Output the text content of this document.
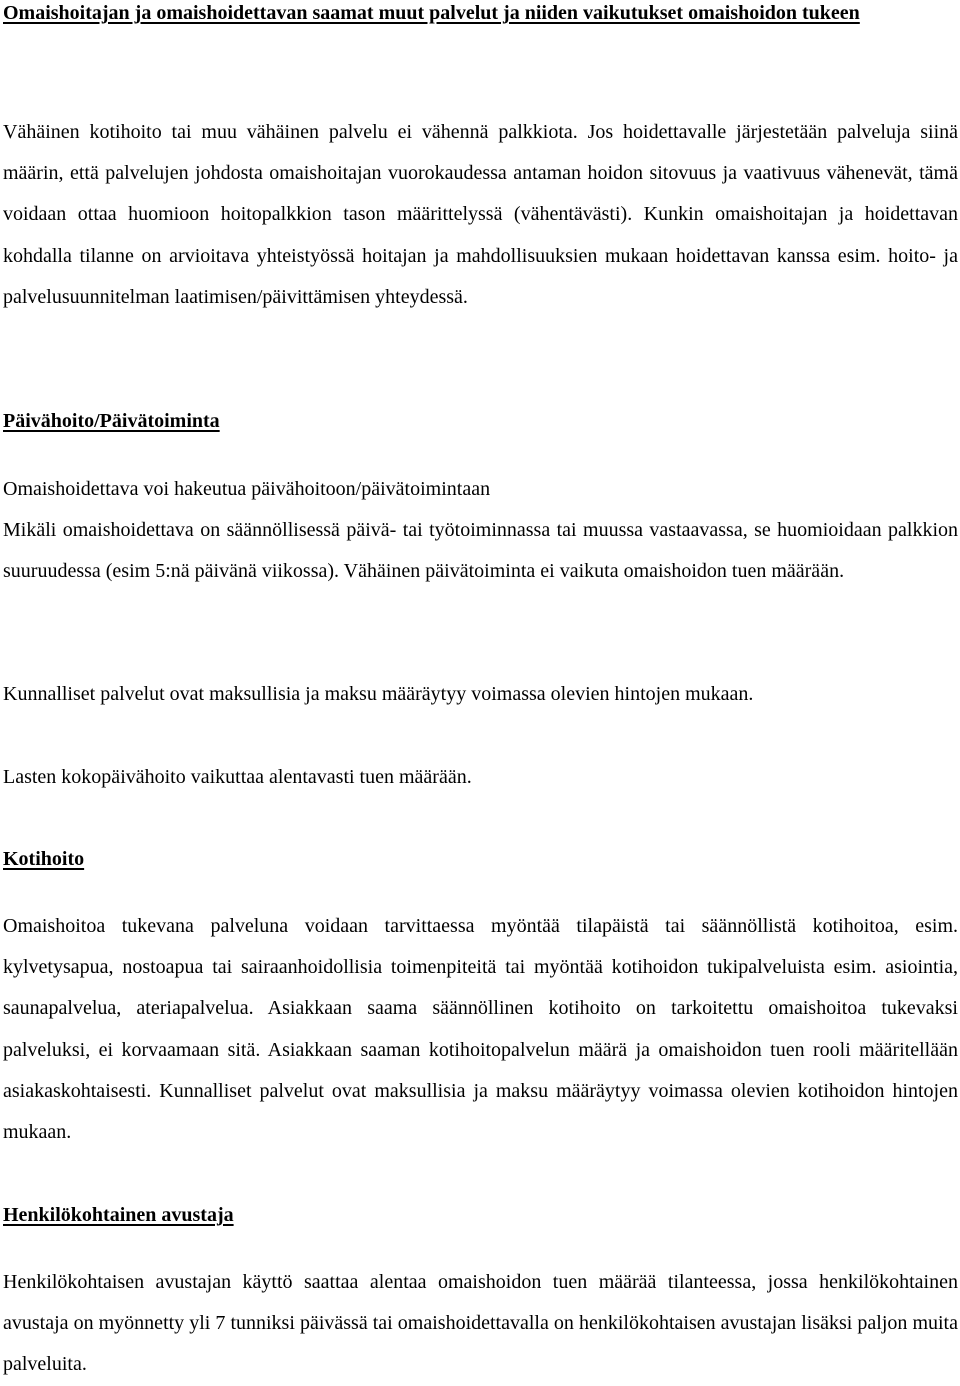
Omaishoitajan ja omaishoidettavan saamat muut palvelut ja niiden vaikutukset omaishoidon tukeen

Vähäinen kotihoito tai muu vähäinen palvelu ei vähennä palkkiota. Jos hoidettavalle järjestetään palveluja siinä määrin, että palvelujen johdosta omaishoitajan vuorokaudessa antaman hoidon sitovuus ja vaativuus vähenevät, tämä voidaan ottaa huomioon hoitopalkkion tason määrittelyssä (vähentävästi). Kunkin omaishoitajan ja hoidettavan kohdalla tilanne on arvioitava yhteistyössä hoitajan ja mahdollisuuksien mukaan hoidettavan kanssa esim. hoito- ja palvelusuunnitelman laatimisen/päivittämisen yhteydessä.

Päivähoito/Päivätoiminta

Omaishoidettava voi hakeutua päivähoitoon/päivätoimintaan

Mikäli omaishoidettava on säännöllisessä päivä- tai työtoiminnassa tai muussa vastaavassa, se huomioidaan palkkion suuruudessa (esim 5:nä päivänä viikossa). Vähäinen päivätoiminta ei vaikuta omaishoidon tuen määrään.

Kunnalliset palvelut ovat maksullisia ja maksu määräytyy voimassa olevien hintojen mukaan.

Lasten kokopäivähoito vaikuttaa alentavasti tuen määrään.

Kotihoito

Omaishoitoa tukevana palveluna voidaan tarvittaessa myöntää tilapäistä tai säännöllistä kotihoitoa, esim. kylvetysapua, nostoapua tai sairaanhoidollisia toimenpiteitä tai myöntää kotihoidon tukipalveluista esim. asiointia, saunapalvelua, ateriapalvelua. Asiakkaan saama säännöllinen kotihoito on tarkoitettu omaishoitoa tukevaksi palveluksi, ei korvaamaan sitä. Asiakkaan saaman kotihoitopalvelun määrä ja omaishoidon tuen rooli määritellään asiakaskohtaisesti. Kunnalliset palvelut ovat maksullisia ja maksu määräytyy voimassa olevien kotihoidon hintojen mukaan.

Henkilökohtainen avustaja

Henkilökohtaisen avustajan käyttö saattaa alentaa omaishoidon tuen määrää tilanteessa, jossa henkilökohtainen avustaja on myönnetty yli 7 tunniksi päivässä tai omaishoidettavalla on henkilökohtaisen avustajan lisäksi paljon muita palveluita.
